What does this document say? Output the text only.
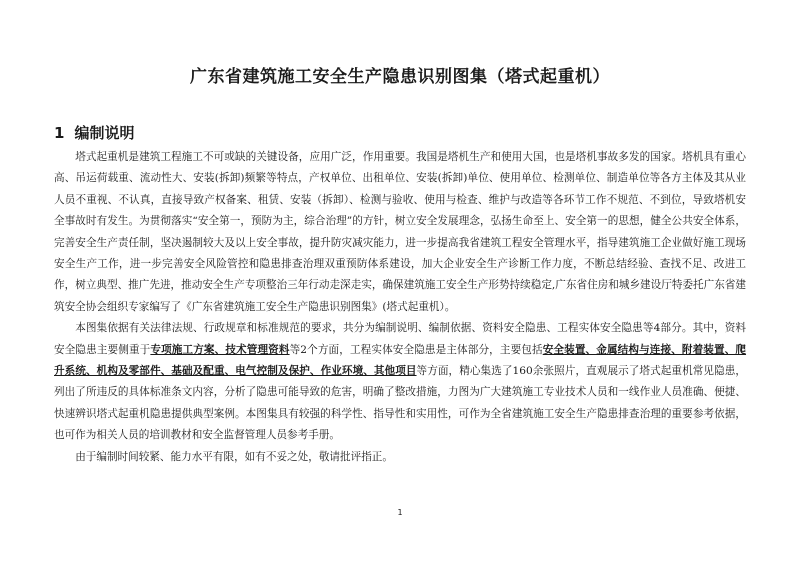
广东省建筑施工安全生产隐患识别图集（塔式起重机）
1 编制说明

塔式起重机是建筑工程施工不可或缺的关键设备，应用广泛，作用重要。我国是塔机生产和使用大国，也是塔机事故多发的国家。塔机具有重心高、吊运荷载重、流动性大、安装(拆卸)频繁等特点，产权单位、出租单位、安装(拆卸)单位、使用单位、检测单位、制造单位等各方主体及其从业人员不重视、不认真，直接导致产权备案、租赁、安装（拆卸）、检测与验收、使用与检查、维护与改造等各环节工作不规范、不到位，导致塔机安全事故时有发生。为贯彻落实“安全第一，预防为主，综合治理”的方针，树立安全发展理念，弘扬生命至上、安全第一的思想，健全公共安全体系，完善安全生产责任制，坚决遏制较大及以上安全事故，提升防灾减灾能力，进一步提高我省建筑工程安全管理水平，指导建筑施工企业做好施工现场安全生产工作，进一步完善安全风险管控和隐患排查治理双重预防体系建设，加大企业安全生产诊断工作力度，不断总结经验、查找不足、改进工作，树立典型、推广先进，推动安全生产专项整治三年行动走深走实，确保建筑施工安全生产形势持续稳定,广东省住房和城乡建设厅特委托广东省建筑安全协会组织专家编写了《广东省建筑施工安全生产隐患识别图集》(塔式起重机）。

本图集依据有关法律法规、行政规章和标准规范的要求，共分为编制说明、编制依据、资料安全隐患、工程实体安全隐患等4部分。其中，资料安全隐患主要侧重于专项施工方案、技术管理资料等2个方面，工程实体安全隐患是主体部分，主要包括安全装置、金属结构与连接、附着装置、爬升系统、机构及零部件、基础及配重、电气控制及保护、作业环境、其他项目等方面，精心集选了160余张照片，直观展示了塔式起重机常见隐患，列出了所违反的具体标准条文内容，分析了隐患可能导致的危害，明确了整改措施，力图为广大建筑施工专业技术人员和一线作业人员准确、便捷、快速辨识塔式起重机隐患提供典型案例。本图集具有较强的科学性、指导性和实用性，可作为全省建筑施工安全生产隐患排查治理的重要参考依据，也可作为相关人员的培训教材和安全监督管理人员参考手册。

由于编制时间较紧、能力水平有限，如有不妥之处，敬请批评指正。

1
